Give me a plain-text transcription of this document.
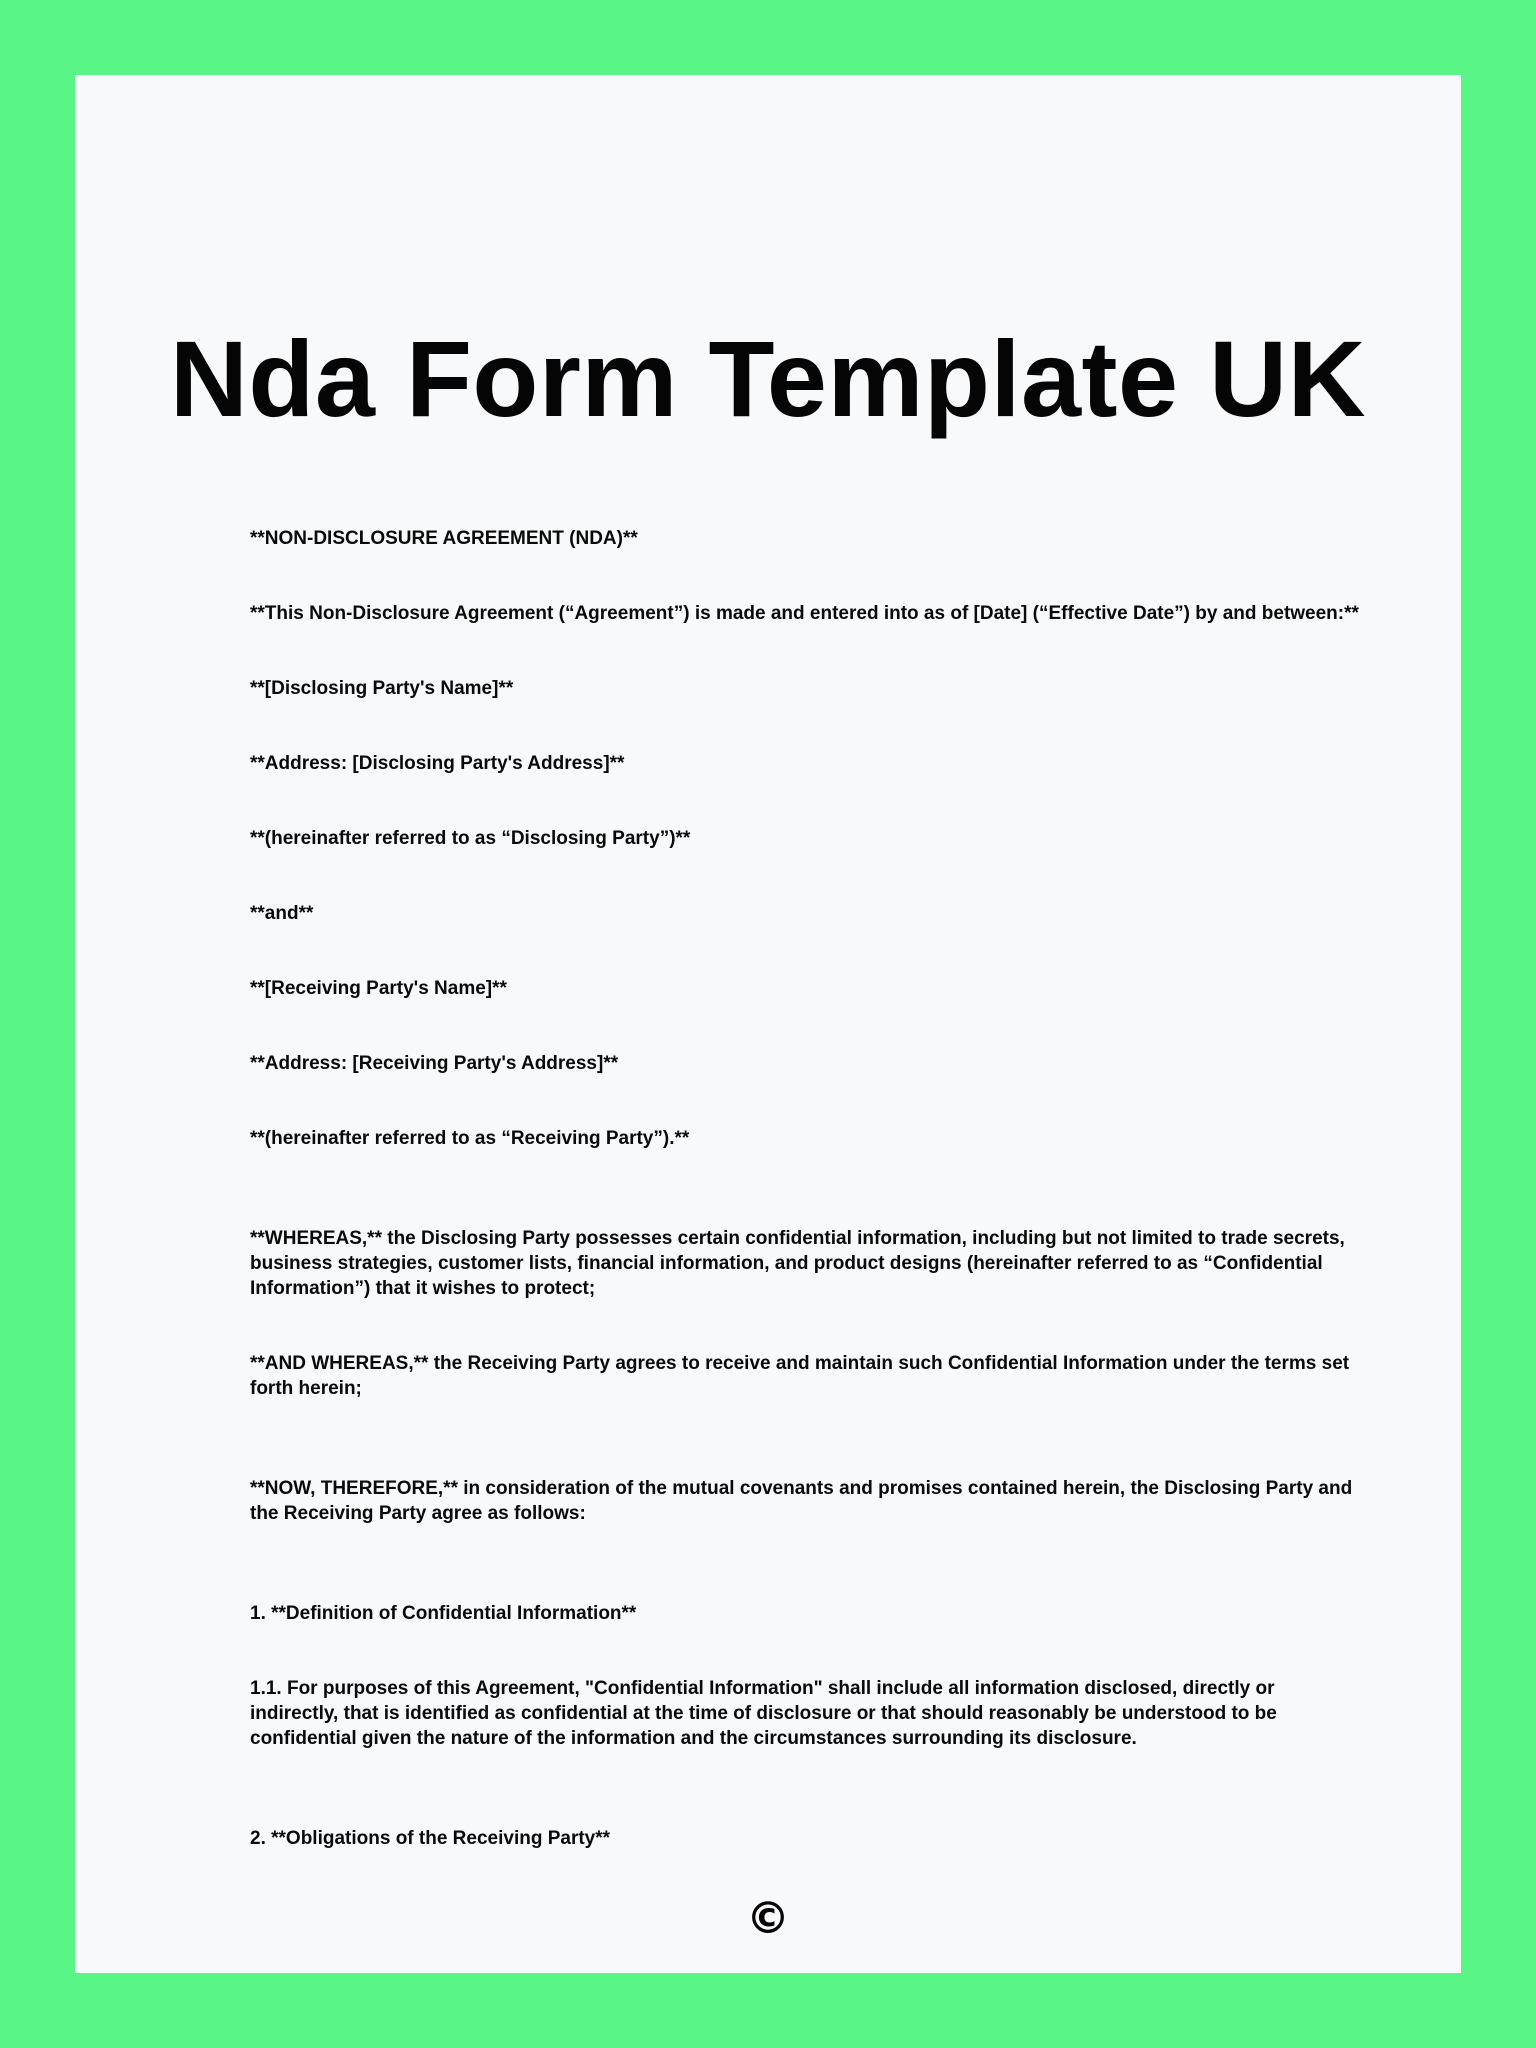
Nda Form Template UK

**NON-DISCLOSURE AGREEMENT (NDA)**

**This Non-Disclosure Agreement (“Agreement”) is made and entered into as of [Date] (“Effective Date”) by and between:**

**[Disclosing Party's Name]**

**Address: [Disclosing Party's Address]**

**(hereinafter referred to as “Disclosing Party”)**

**and**

**[Receiving Party's Name]**

**Address: [Receiving Party's Address]**

**(hereinafter referred to as “Receiving Party”).**

**WHEREAS,** the Disclosing Party possesses certain confidential information, including but not limited to trade secrets, business strategies, customer lists, financial information, and product designs (hereinafter referred to as “Confidential Information”) that it wishes to protect;

**AND WHEREAS,** the Receiving Party agrees to receive and maintain such Confidential Information under the terms set forth herein;

**NOW, THEREFORE,** in consideration of the mutual covenants and promises contained herein, the Disclosing Party and the Receiving Party agree as follows:

1. **Definition of Confidential Information**

1.1. For purposes of this Agreement, "Confidential Information" shall include all information disclosed, directly or indirectly, that is identified as confidential at the time of disclosure or that should reasonably be understood to be confidential given the nature of the information and the circumstances surrounding its disclosure.

2. **Obligations of the Receiving Party**

©
